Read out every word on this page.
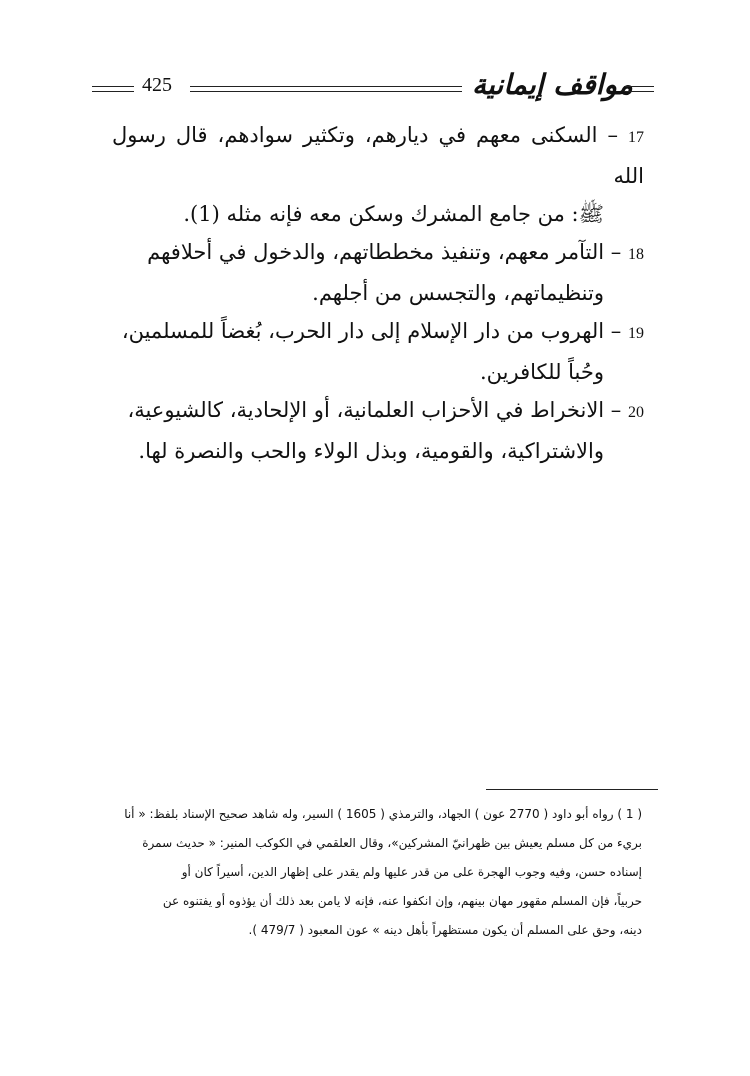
425	مواقف إيمانية
17 – السكنى معهم في ديارهم، وتكثير سوادهم، قال رسول الله
ﷺ: من جامع المشرك وسكن معه فإنه مثله (1).
18 – التآمر معهم، وتنفيذ مخططاتهم، والدخول في أحلافهم
وتنظيماتهم، والتجسس من أجلهم.
19 – الهروب من دار الإسلام إلى دار الحرب، بُغضاً للمسلمين،
وحُباً للكافرين.
20 – الانخراط في الأحزاب العلمانية، أو الإلحادية، كالشيوعية،
والاشتراكية، والقومية، وبذل الولاء والحب والنصرة لها.

( 1 ) رواه أبو داود ( 2770 عون ) الجهاد، والترمذي ( 1605 ) السير، وله شاهد صحيح الإسناد بلفظ: « أنا

بريء من كل مسلم يعيش بين ظهرانيّ المشركين»، وقال العلقمي في الكوكب المنير: « حديث سمرة

إسناده حسن، وفيه وجوب الهجرة على من قدر عليها ولم يقدر على إظهار الدين، أسيراً كان أو

حربياً، فإن المسلم مقهور مهان بينهم، وإن انكفوا عنه، فإنه لا يامن بعد ذلك أن يؤذوه أو يفتنوه عن

دينه، وحق على المسلم أن يكون مستظهراً بأهل دينه » عون المعبود ( 479/7 ).
